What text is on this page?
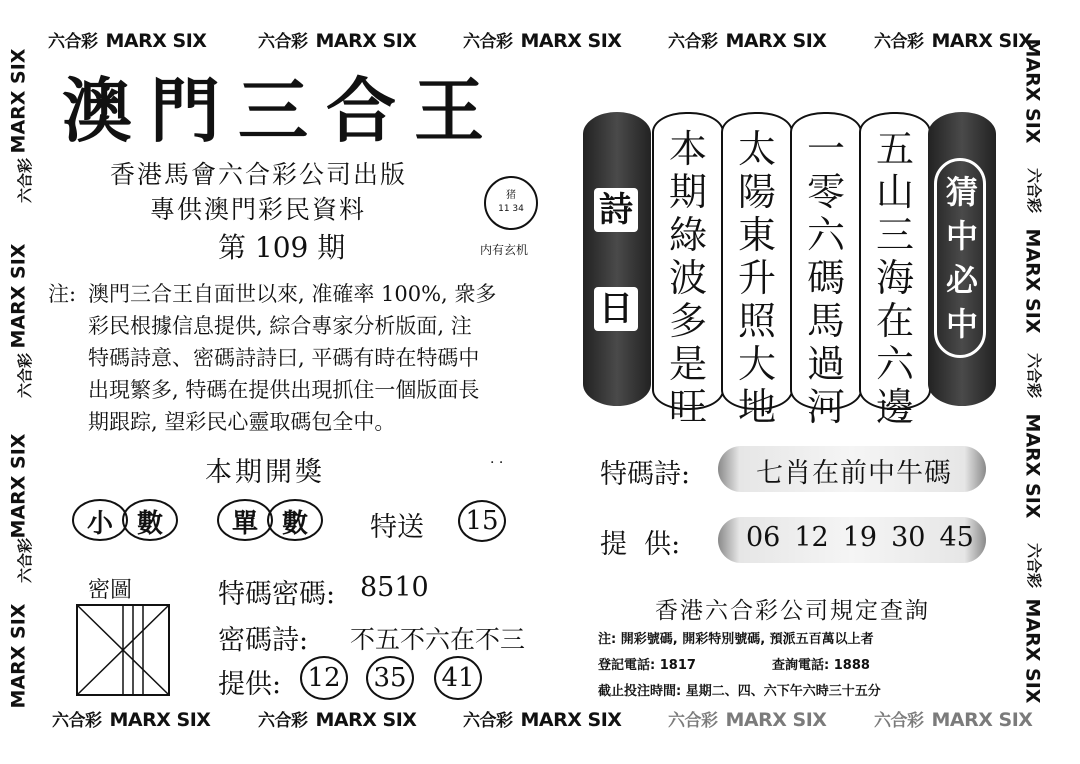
六合彩 MARX SIX	六合彩 MARX SIX	六合彩 MARX SIX	六合彩 MARX SIX	六合彩 MARX SIX
六合彩 MARX SIX	六合彩 MARX SIX	六合彩 MARX SIX	六合彩 MARX SIX	六合彩 MARX SIX
MARX SIX
六合彩
MARX SIX
六合彩
MARX SIX
六合彩
MARX SIX
MARX SIX
六合彩
MARX SIX
六合彩
MARX SIX
六合彩
MARX SIX
澳門三合王
香港馬會六合彩公司出版
專供澳門彩民資料	猪
11 34
内有玄机
第 109 期
注: 澳門三合王自面世以來, 准確率 100%, 衆多
彩民根據信息提供, 綜合專家分析版面, 注
特碼詩意、密碼詩詩曰, 平碼有時在特碼中
出現繁多, 特碼在提供出現抓住一個版面長
期跟踪, 望彩民心靈取碼包全中。
本期開獎	· ·
小 數	單 數 特送 15
密圖	特碼密碼: 8510
密碼詩: 不五不六在不三
提供: 12 35 41
詩
日
本期綠波多是旺
太陽東升照大地
一零六碼馬過河
五山三海在六邊
猜中必中
特碼詩: 七肖在前中牛碼
提  供: 06 12 19 30 45
香港六合彩公司規定查詢
注: 開彩號碼, 開彩特別號碼, 預派五百萬以上者
登記電話: 1817	查詢電話: 1888
截止投注時間: 星期二、四、六下午六時三十五分
